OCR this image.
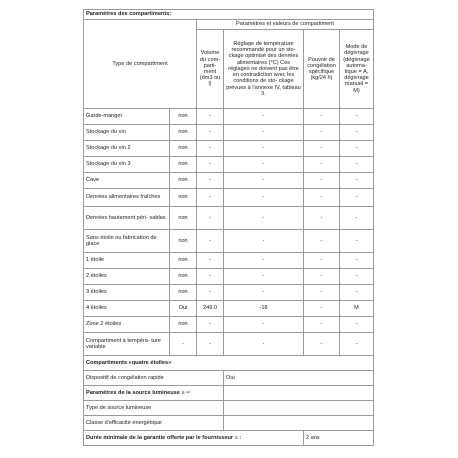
Paramètres des compartiments:					
Type de compartiment		Paramètres et valeurs de compartiment			
		Volume du com- parti- ment (dm3 ou l)	Réglage de température recommandé pour un sto- ckage optimisé des denrées alimentaires (°C) Ces réglages ne doivent pas être en contradiction avec les conditions de sto- ckage prévues à l'annexe IV, tableau 3.	Pouvoir de congélation spécifique (kg/24 h)	Mode de dégivrage (dégivrage automa- tique = A, dégivrage manuel = M)
Garde-manger	non	-	-	-	-
Stockage du vin	non	-	-	-	-
Stockage du vin 2	non	-	-	-	-
Stockage du vin 3	non	-	-	-	-
Cave	non	-	-	-	-
Denrées alimentaires fraîches	non	-	-	-	-
Denrées hautement péri- sables	non	-	-	-	-
Sans étoile ou fabrication de glace	non	-	-	-	-
1 étoile	non	-	-	-	-
2 étoiles	non	-	-	-	-
3 étoiles	non	-	-	-	-
4 étoiles	Oui	249.0	-18	-	M
Zone 2 étoiles	non	-	-	-	-
Compartiment à tempéra- ture variable	-	-	-	-	-
Compartiments «quatre étoiles»					
Dispositif de congélation rapide			Oui		
Paramètres de la source lumineuse a ⇐					
Type de source lumineuse					
Classe d'efficacité énergétique					
Durée minimale de la garantie offerte par le fournisseur a :				2 ans	
